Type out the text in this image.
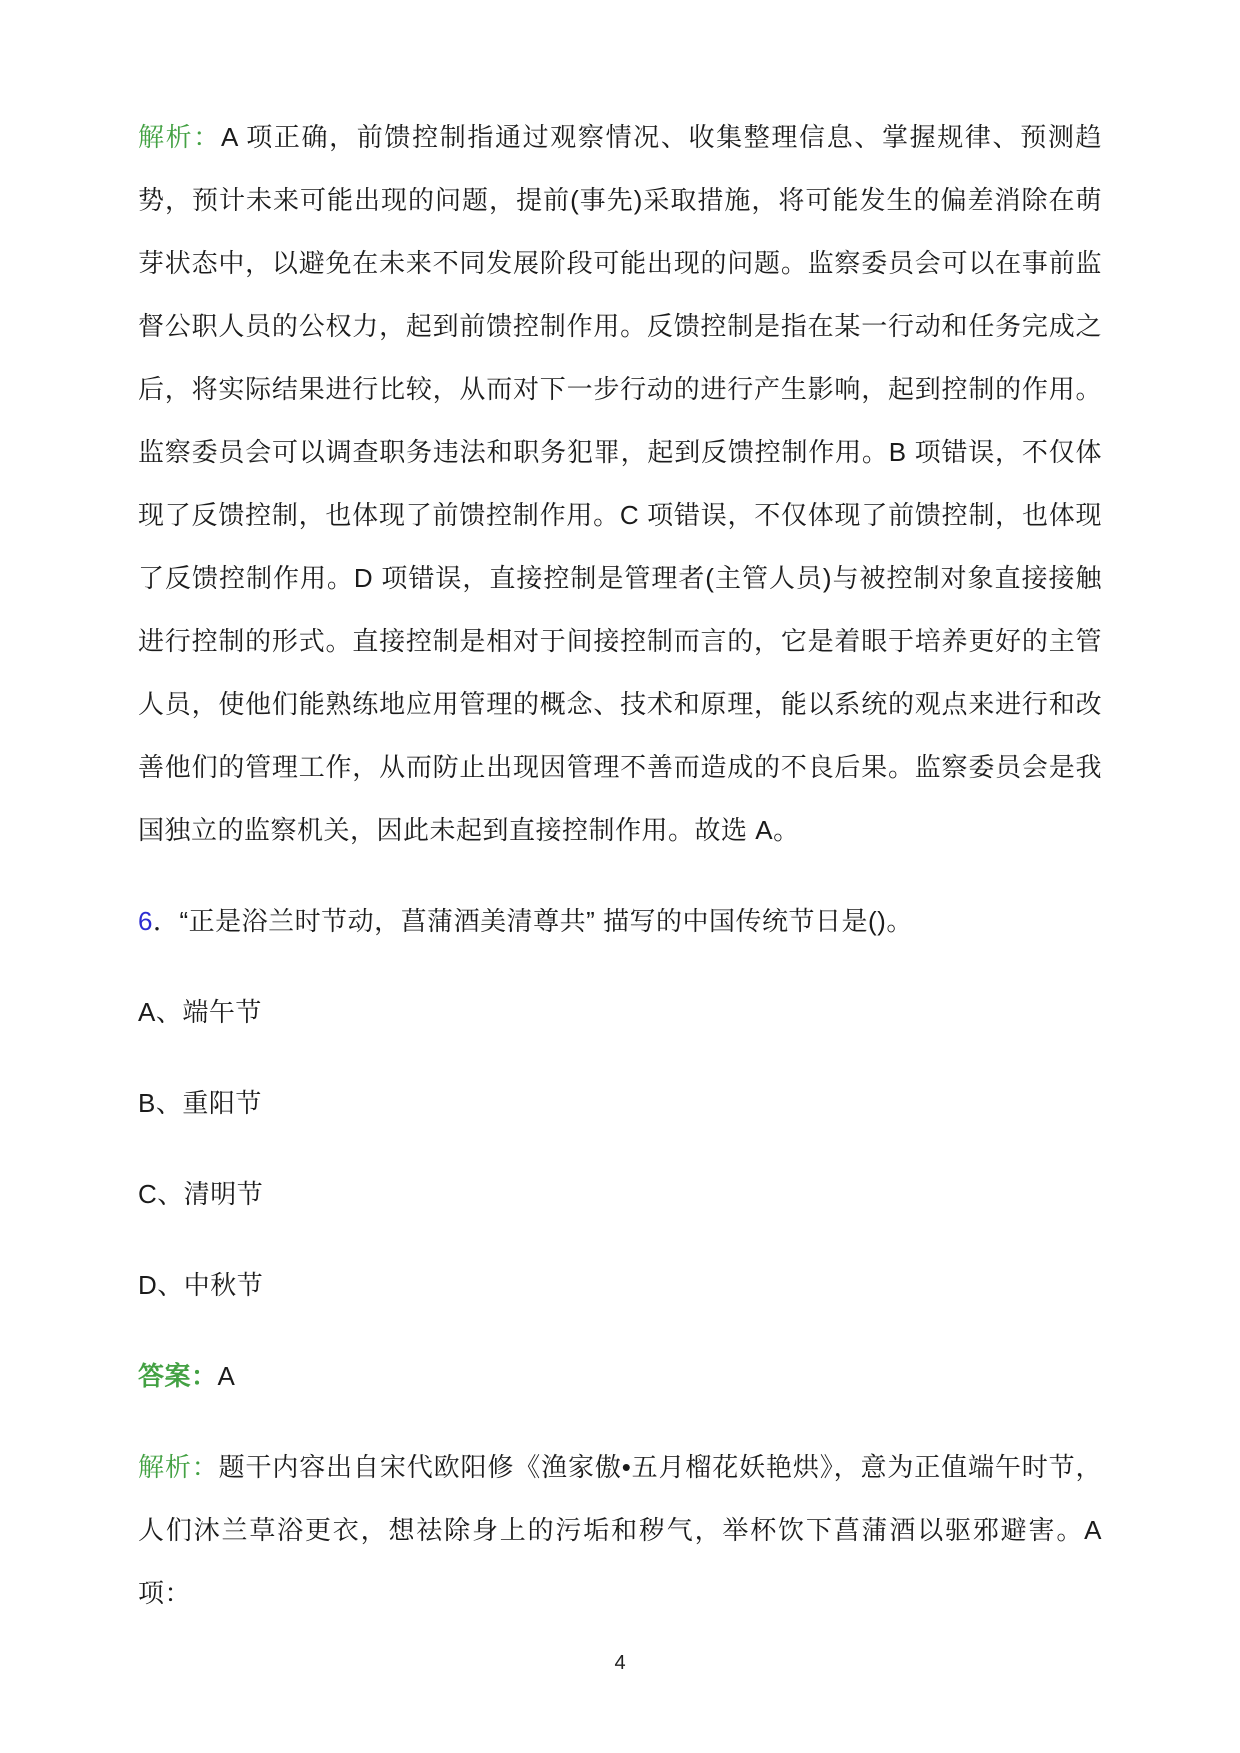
解析：A 项正确，前馈控制指通过观察情况、收集整理信息、掌握规律、预测趋势，预计未来可能出现的问题，提前(事先)采取措施，将可能发生的偏差消除在萌芽状态中，以避免在未来不同发展阶段可能出现的问题。监察委员会可以在事前监督公职人员的公权力，起到前馈控制作用。反馈控制是指在某一行动和任务完成之后，将实际结果进行比较，从而对下一步行动的进行产生影响，起到控制的作用。监察委员会可以调查职务违法和职务犯罪，起到反馈控制作用。B 项错误，不仅体现了反馈控制，也体现了前馈控制作用。C 项错误，不仅体现了前馈控制，也体现了反馈控制作用。D 项错误，直接控制是管理者(主管人员)与被控制对象直接接触进行控制的形式。直接控制是相对于间接控制而言的，它是着眼于培养更好的主管人员，使他们能熟练地应用管理的概念、技术和原理，能以系统的观点来进行和改善他们的管理工作，从而防止出现因管理不善而造成的不良后果。监察委员会是我国独立的监察机关，因此未起到直接控制作用。故选 A。

6．“正是浴兰时节动，菖蒲酒美清尊共” 描写的中国传统节日是()。

A、端午节

B、重阳节

C、清明节

D、中秋节

答案：A

解析：题干内容出自宋代欧阳修《渔家傲•五月榴花妖艳烘》，意为正值端午时节，人们沐兰草浴更衣，想祛除身上的污垢和秽气，举杯饮下菖蒲酒以驱邪避害。A 项：

4
